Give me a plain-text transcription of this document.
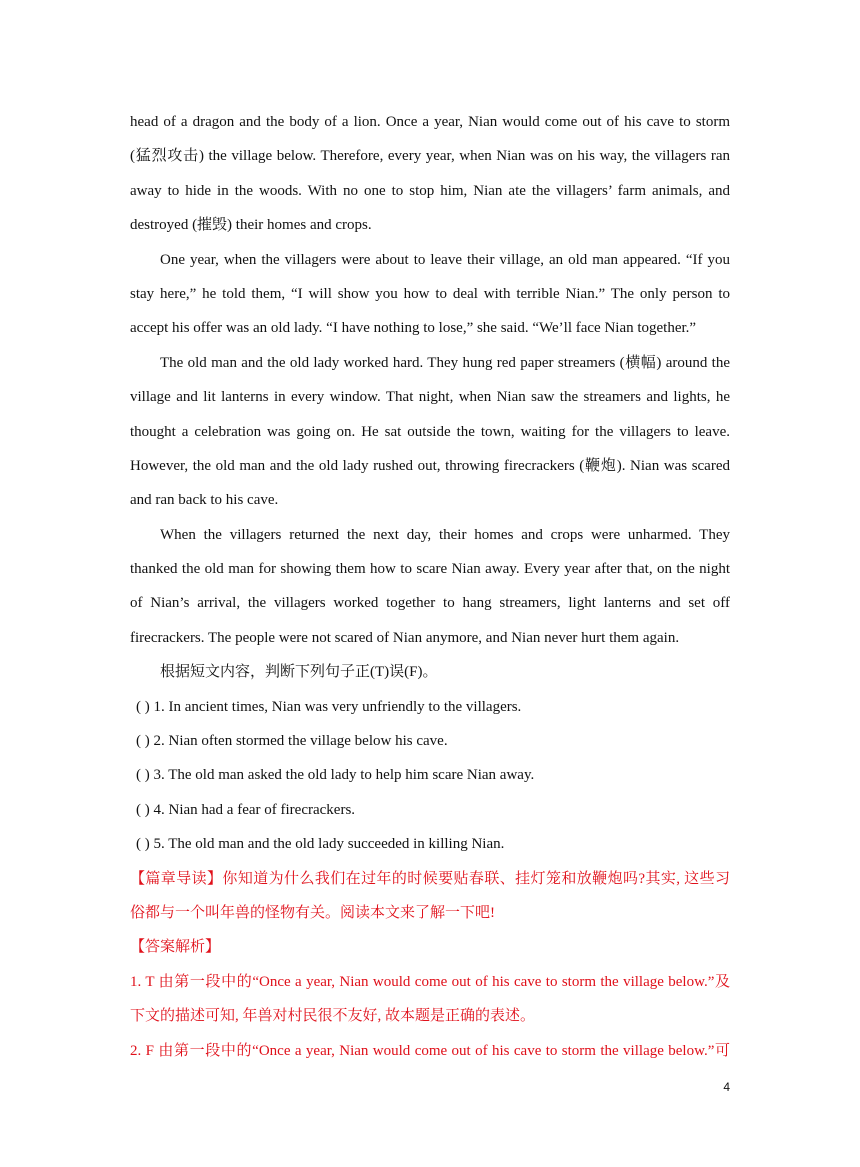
head of a dragon and the body of a lion. Once a year, Nian would come out of his cave to storm
(猛烈攻击) the village below. Therefore, every year, when Nian was on his way, the villagers ran
away to hide in the woods. With no one to stop him, Nian ate the villagers’ farm animals, and
destroyed (摧毁) their homes and crops.
One year, when the villagers were about to leave their village, an old man appeared. “If you
stay here,” he told them, “I will show you how to deal with terrible Nian.” The only person to
accept his offer was an old lady. “I have nothing to lose,” she said. “We’ll face Nian together.”
The old man and the old lady worked hard. They hung red paper streamers (横幅) around the
village and lit lanterns in every window. That night, when Nian saw the streamers and lights, he
thought a celebration was going on. He sat outside the town, waiting for the villagers to leave.
However, the old man and the old lady rushed out, throwing firecrackers (鞭炮). Nian was scared
and ran back to his cave.
When the villagers returned the next day, their homes and crops were unharmed. They
thanked the old man for showing them how to scare Nian away. Every year after that, on the night
of Nian’s arrival, the villagers worked together to hang streamers, light lanterns and set off
firecrackers. The people were not scared of Nian anymore, and Nian never hurt them again.
根据短文内容，判断下列句子正(T)误(F)。
( ) 1. In ancient times, Nian was very unfriendly to the villagers.
( ) 2. Nian often stormed the village below his cave.
( ) 3. The old man asked the old lady to help him scare Nian away.
( ) 4. Nian had a fear of firecrackers.
( ) 5. The old man and the old lady succeeded in killing Nian.
【篇章导读】你知道为什么我们在过年的时候要贴春联、挂灯笼和放鞭炮吗?其实, 这些习
俗都与一个叫年兽的怪物有关。阅读本文来了解一下吧!
【答案解析】
1. T 由第一段中的“Once a year, Nian would come out of his cave to storm the village below.”及
下文的描述可知, 年兽对村民很不友好, 故本题是正确的表述。
2. F 由第一段中的“Once a year, Nian would come out of his cave to storm the village below.”可
4
